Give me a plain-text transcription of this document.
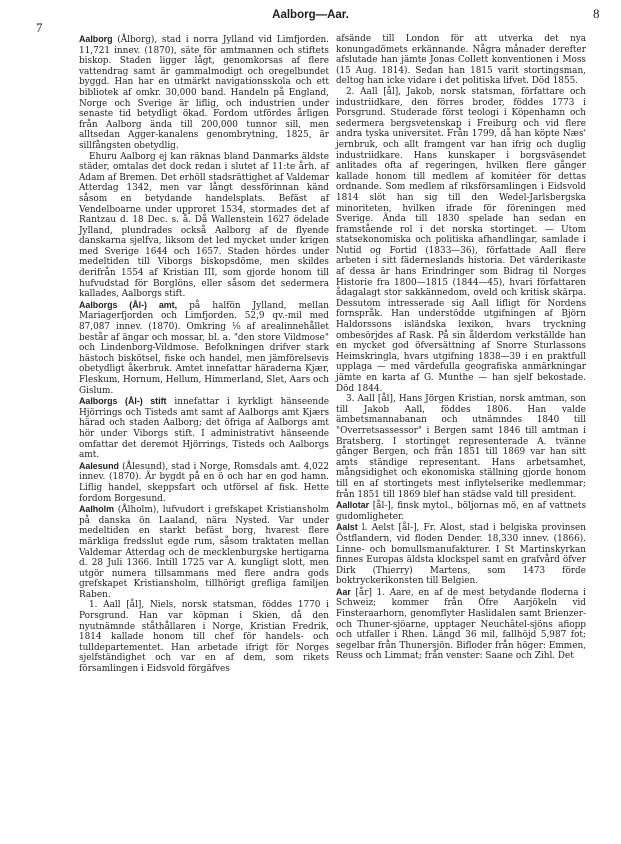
7
Aalborg—Aar.	8

Aalborg (Ålborg), stad i norra Jylland vid Limfjorden. 11,721 innev. (1870), säte för amtmannen och stiftets biskop. Staden ligger lågt, genomkorsas af flere vattendrag samt är gammalmodigt och oregelbundet byggd. Han har en utmärkt navigationsskola och ett bibliotek af omkr. 30,000 band. Handeln på England, Norge och Sverige är liflig, och industrien under senaste tid betydligt ökad. Fordom utfördes årligen från Aalborg ända till 200,000 tunnor sill, men alltsedan Agger-kanalens genombrytning, 1825, är sillfångsten obetydlig.

Ehuru Aalborg ej kan räknas bland Danmarks äldste städer, omtalas det dock redan i slutet af 11:te årh. af Adam af Bremen. Det erhöll stadsrättighet af Valdemar Atterdag 1342, men var långt dessförinnan känd såsom en betydande handelsplats. Befäst af Vendelboarne under upproret 1534, stormades det af Rantzau d. 18 Dec. s. å. Då Wallenstein 1627 ödelade Jylland, plundrades också Aalborg af de flyende danskarna sjelfva, liksom det led mycket under krigen med Sverige 1644 och 1657. Staden hördes under medeltiden till Viborgs biskopsdöme, men skildes derifrån 1554 af Kristian III, som gjorde honom till hufvudstad för Borglöns, eller såsom det sedermera kallades, Aalborgs stift.

Aalborgs (Ål-) amt, på halfön Jylland, mellan Mariagerfjorden och Limfjorden. 52,9 qv.-mil med 87,087 innev. (1870). Omkring ⅛ af arealinnehållet består af ängar och mossar, bl. a. "den store Vildmose" och Lindenborg-Vildmose. Befolkningen drifver stark hästoch biskötsel, fiske och handel, men jämförelsevis obetydligt åkerbruk. Amtet innefattar häraderna Kjær, Fleskum, Hornum, Hellum, Himmerland, Slet, Aars och Gislum.

Aalborgs (Ål-) stift innefattar i kyrkligt hänseende Hjörrings och Tisteds amt samt af Aalborgs amt Kjærs härad och staden Aalborg; det öfriga af Aalborgs amt hör under Viborgs stift. I administrativt hänseende omfattar det deremot Hjörrings, Tisteds och Aalborgs amt.

Aalesund (Ålesund), stad i Norge, Romsdals amt. 4,022 innev. (1870). Är bygdt på en ö och har en god hamn. Liflig handel, skeppsfart och utförsel af fisk. Hette fordom Borgesund.

Aalholm (Ålholm), lufvudort i grefskapet Kristiansholm på danska ön Laaland, nära Nysted. Var under medeltiden en starkt befäst borg, hvarest flere märkliga fredsslut egde rum, såsom traktaten mellan Valdemar Atterdag och de mecklenburgske hertigarna d. 28 Juli 1366. Intill 1725 var A. kungligt slott, men utgör numera tillsammans med flere andra gods grefskapet Kristiansholm, tillhörigt grefliga familjen Raben.

1. Aall [ål], Niels, norsk statsman, föddes 1770 i Porsgrund. Han var köpman i Skien, då den nyutnämnde ståthållaren i Norge, Kristian Fredrik, 1814 kallade honom till chef för handels- och tulldepartementet. Han arbetade ifrigt för Norges sjelfständighet och var en af dem, som rikets församlingen i Eidsvold förgäfves

afsände till London för att utverka det nya konungadömets erkännande. Några månader derefter afslutade han jämte Jonas Collett konventionen i Moss (15 Aug. 1814). Sedan han 1815 varit stortingsman, deltog han icke vidare i det politiska lifvet. Död 1855.

2. Aall [ål], Jakob, norsk statsman, författare och industriidkare, den förres broder, föddes 1773 i Porsgrund. Studerade först teologi i Köpenhamn och sedermera bergsvetenskap i Freiburg och vid flere andra tyska universitet. Från 1799, då han köpte Næs' jernbruk, och allt framgent var han ifrig och duglig industriidkare. Hans kunskaper i borgsväsendet anlitades ofta af regeringen, hvilken flere gånger kallade honom till medlem af komitéer för dettas ordnande. Som medlem af riksförsamlingen i Eidsvold 1814 slöt han sig till den Wedel-Jarlsbergska minoriteten, hvilken ifrade för föreningen med Sverige. Ända till 1830 spelade han sedan en framstående rol i det norska stortinget. — Utom statsekonomiska och politiska afhandlingar, samlade i Nutid og Fortid (1833—36), författade Aall flere arbeten i sitt fäderneslands historia. Det värderikaste af dessa är hans Erindringer som Bidrag til Norges Historie fra 1800—1815 (1844—45), hvari författaren ådagalagt stor sakkännedom, oveld och kritisk skärpa. Dessutom intresserade sig Aall lifligt för Nordens fornspråk. Han understödde utgifningen af Björn Haldorssons isländska lexikon, hvars tryckning ombesörjdes af Rask. På sin ålderdom verkställde han en mycket god öfversättning af Snorre Sturlassons Heimskringla, hvars utgifning 1838—39 i en praktfull upplaga — med värdefulla geografiska anmärkningar jämte en karta af G. Munthe — han sjelf bekostade. Död 1844.

3. Aall [ål], Hans Jörgen Kristian, norsk amtman, son till Jakob Aall, föddes 1806. Han valde ämbetsmannabanan och utnämndes 1840 till "Overretsassessor" i Bergen samt 1846 till amtman i Bratsberg. I stortinget representerade A. tvänne gånger Bergen, och från 1851 till 1869 var han sitt amts ständige representant. Hans arbetsamhet, mångsidighet och ekonomiska ställning gjorde honom till en af stortingets mest inflytelserike medlemmar; från 1851 till 1869 blef han städse vald till president.

Aallotar [ål-], finsk mytol., böljornas mö, en af vattnets gudomligheter.

Aalst l. Aelst [ål-], Fr. Alost, stad i belgiska provinsen Östflandern, vid floden Dender. 18,330 innev. (1866). Linne- och bomullsmanufakturer. I St Martinskyrkan finnes Europas äldsta klockspel samt en grafvård öfver Dirk (Thierry) Martens, som 1473 förde boktryckerikonsten till Belgien.

Aar [år] 1. Aare, en af de mest betydande floderna i Schweiz; kommer från Öfre Aarjökeln vid Finsteraarhorn, genomflyter Haslidalen samt Brienzer- och Thuner-sjöarne, upptager Neuchâtel-sjöns afiopp och utfaller i Rhen. Längd 36 mil, fallhöjd 5,987 fot; segelbar från Thunersjön. Bifloder från höger: Emmen, Reuss och Limmat; från venster: Saane och Zihl. Det
